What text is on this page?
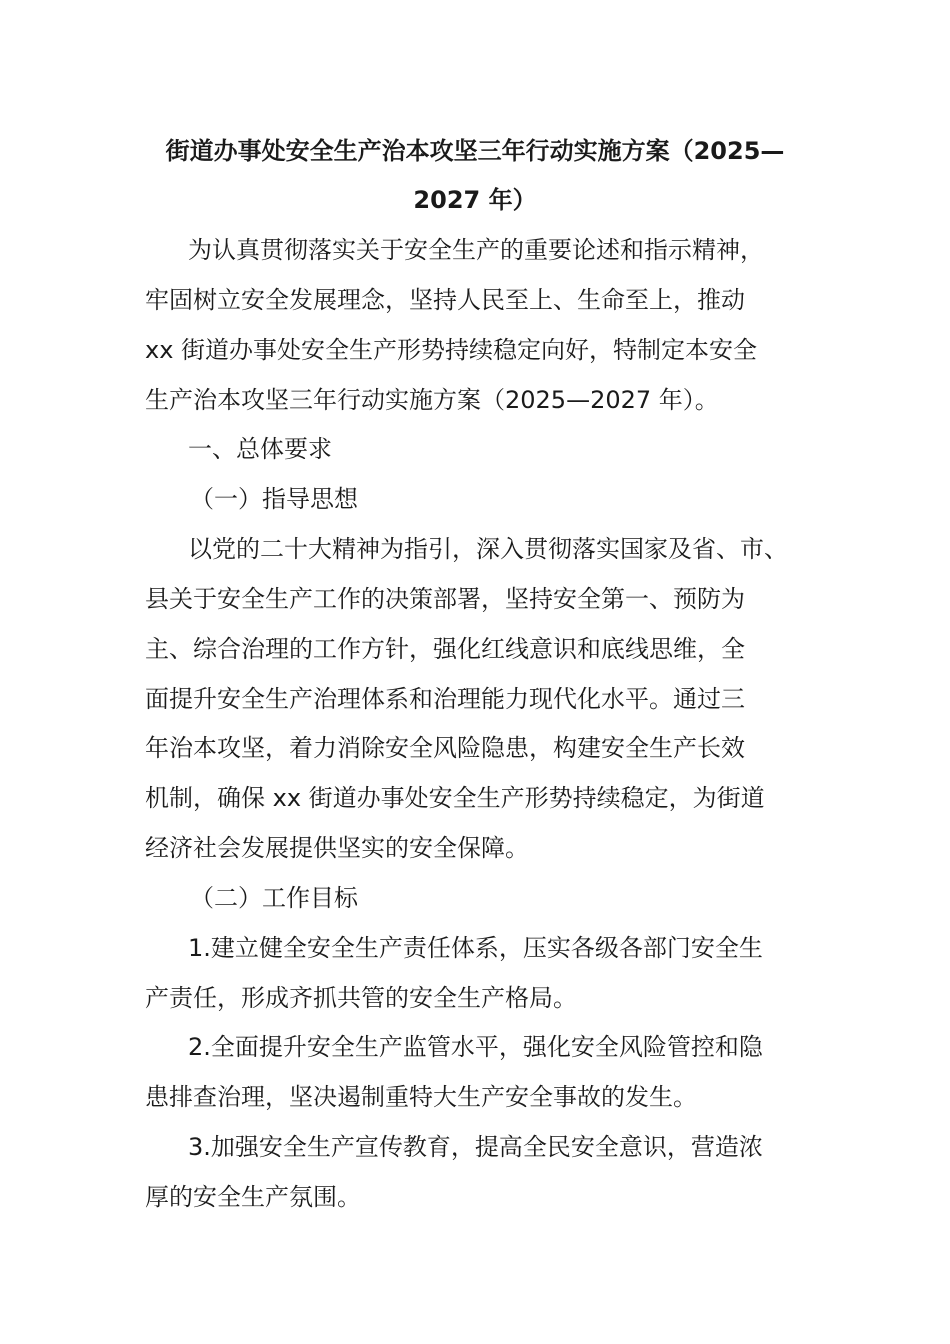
街道办事处安全生产治本攻坚三年行动实施方案（2025—
2027 年）
为认真贯彻落实关于安全生产的重要论述和指示精神，
牢固树立安全发展理念，坚持人民至上、生命至上，推动
xx 街道办事处安全生产形势持续稳定向好，特制定本安全
生产治本攻坚三年行动实施方案（2025—2027 年）。
一、总体要求
（一）指导思想
以党的二十大精神为指引，深入贯彻落实国家及省、市、
县关于安全生产工作的决策部署，坚持安全第一、预防为
主、综合治理的工作方针，强化红线意识和底线思维，全
面提升安全生产治理体系和治理能力现代化水平。通过三
年治本攻坚，着力消除安全风险隐患，构建安全生产长效
机制，确保 xx 街道办事处安全生产形势持续稳定，为街道
经济社会发展提供坚实的安全保障。
（二）工作目标
1.建立健全安全生产责任体系，压实各级各部门安全生
产责任，形成齐抓共管的安全生产格局。
2.全面提升安全生产监管水平，强化安全风险管控和隐
患排查治理，坚决遏制重特大生产安全事故的发生。
3.加强安全生产宣传教育，提高全民安全意识，营造浓
厚的安全生产氛围。
